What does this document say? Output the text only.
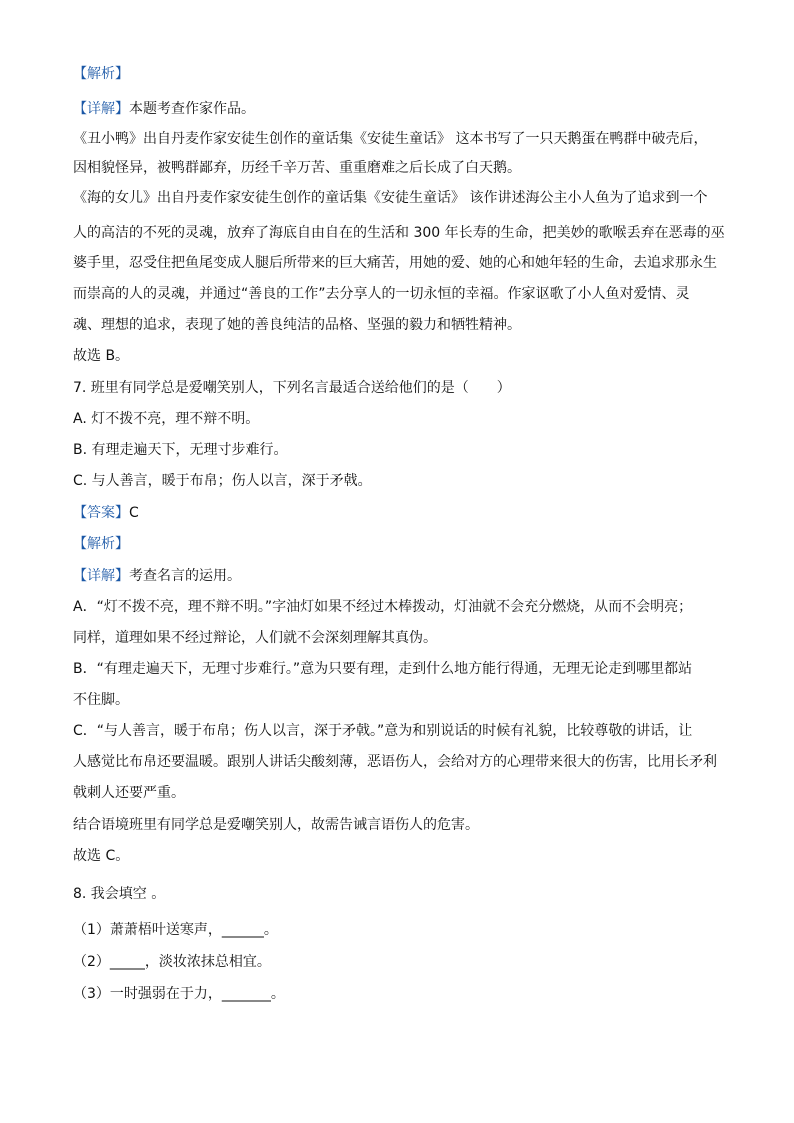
【解析】
【详解】本题考查作家作品。
《丑小鸭》出自丹麦作家安徒生创作的童话集《安徒生童话》 这本书写了一只天鹅蛋在鸭群中破壳后，
因相貌怪异，被鸭群鄙弃，历经千辛万苦、重重磨难之后长成了白天鹅。
《海的女儿》出自丹麦作家安徒生创作的童话集《安徒生童话》 该作讲述海公主小人鱼为了追求到一个
人的高洁的不死的灵魂，放弃了海底自由自在的生活和 300 年长寿的生命，把美妙的歌喉丢弃在恶毒的巫
婆手里，忍受住把鱼尾变成人腿后所带来的巨大痛苦，用她的爱、她的心和她年轻的生命，去追求那永生
而崇高的人的灵魂，并通过“善良的工作”去分享人的一切永恒的幸福。作家讴歌了小人鱼对爱情、灵
魂、理想的追求，表现了她的善良纯洁的品格、坚强的毅力和牺牲精神。
故选 B。
7. 班里有同学总是爱嘲笑别人，下列名言最适合送给他们的是（　　）
A. 灯不拨不亮，理不辩不明。
B. 有理走遍天下，无理寸步难行。
C. 与人善言，暖于布帛；伤人以言，深于矛戟。
【答案】C
【解析】
【详解】考查名言的运用。
A．“灯不拨不亮，理不辩不明。”字油灯如果不经过木棒拨动，灯油就不会充分燃烧，从而不会明亮；
同样，道理如果不经过辩论，人们就不会深刻理解其真伪。
B．“有理走遍天下，无理寸步难行。”意为只要有理，走到什么地方能行得通，无理无论走到哪里都站
不住脚。
C．“与人善言，暖于布帛；伤人以言，深于矛戟。”意为和别说话的时候有礼貌，比较尊敬的讲话，让
人感觉比布帛还要温暖。跟别人讲话尖酸刻薄，恶语伤人，会给对方的心理带来很大的伤害，比用长矛利
戟刺人还要严重。
结合语境班里有同学总是爱嘲笑别人，故需告诫言语伤人的危害。
故选 C。
8. 我会填空 。
（1）萧萧梧叶送寒声，______。
（2）_____，淡妆浓抹总相宜。
（3）一时强弱在于力，_______。
